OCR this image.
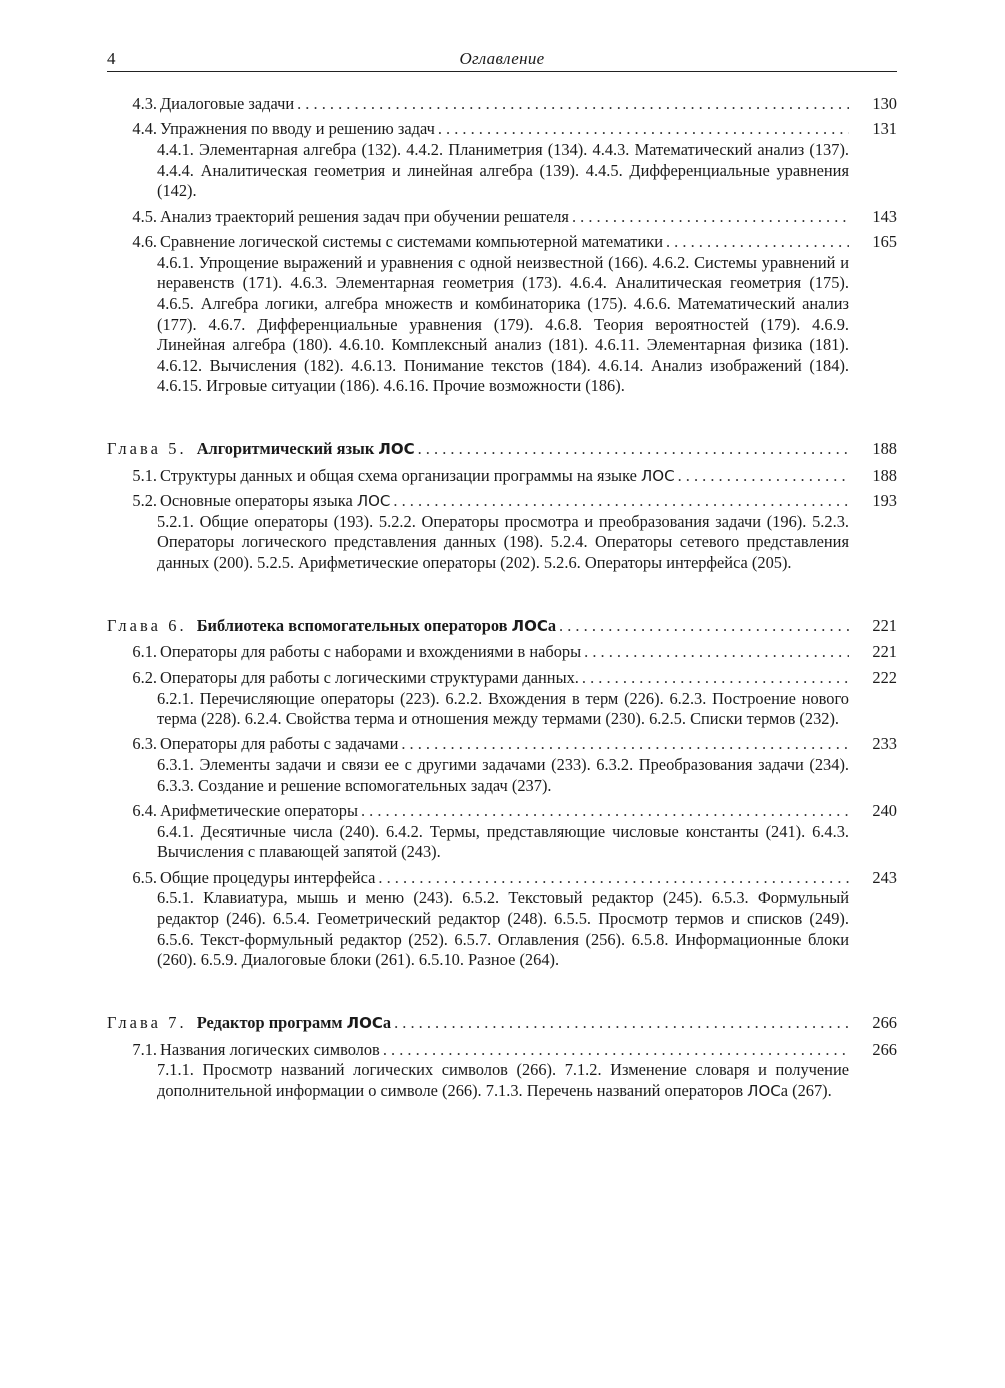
4	Оглавление
4.3. Диалоговые задачи . . .	130
4.4. Упражнения по вводу и решению задач . . .	131
4.4.1. Элементарная алгебра (132). 4.4.2. Планиметрия (134). 4.4.3. Математический анализ (137). 4.4.4. Аналитическая геометрия и линейная алгебра (139). 4.4.5. Дифференциальные уравнения (142).
4.5. Анализ траекторий решения задач при обучении решателя . . .	143
4.6. Сравнение логической системы с системами компьютерной математики . . .	165
4.6.1. Упрощение выражений и уравнения с одной неизвестной (166). 4.6.2. Системы уравнений и неравенств (171). 4.6.3. Элементарная геометрия (173). 4.6.4. Аналитическая геометрия (175). 4.6.5. Алгебра логики, алгебра множеств и комбинаторика (175). 4.6.6. Математический анализ (177). 4.6.7. Дифференциальные уравнения (179). 4.6.8. Теория вероятностей (179). 4.6.9. Линейная алгебра (180). 4.6.10. Комплексный анализ (181). 4.6.11. Элементарная физика (181). 4.6.12. Вычисления (182). 4.6.13. Понимание текстов (184). 4.6.14. Анализ изображений (184). 4.6.15. Игровые ситуации (186). 4.6.16. Прочие возможности (186).
Глава 5. Алгоритмический язык ЛОС . . .	188
5.1. Структуры данных и общая схема организации программы на языке ЛОС . . .	188
5.2. Основные операторы языка ЛОС . . .	193
5.2.1. Общие операторы (193). 5.2.2. Операторы просмотра и преобразования задачи (196). 5.2.3. Операторы логического представления данных (198). 5.2.4. Операторы сетевого представления данных (200). 5.2.5. Арифметические операторы (202). 5.2.6. Операторы интерфейса (205).
Глава 6. Библиотека вспомогательных операторов ЛОСа . . .	221
6.1. Операторы для работы с наборами и вхождениями в наборы . . .	221
6.2. Операторы для работы с логическими структурами данных. . . .	222
6.2.1. Перечисляющие операторы (223). 6.2.2. Вхождения в терм (226). 6.2.3. Построение нового терма (228). 6.2.4. Свойства терма и отношения между термами (230). 6.2.5. Списки термов (232).
6.3. Операторы для работы с задачами . . .	233
6.3.1. Элементы задачи и связи ее с другими задачами (233). 6.3.2. Преобразования задачи (234). 6.3.3. Создание и решение вспомогательных задач (237).
6.4. Арифметические операторы . . .	240
6.4.1. Десятичные числа (240). 6.4.2. Термы, представляющие числовые константы (241). 6.4.3. Вычисления с плавающей запятой (243).
6.5. Общие процедуры интерфейса . . .	243
6.5.1. Клавиатура, мышь и меню (243). 6.5.2. Текстовый редактор (245). 6.5.3. Формульный редактор (246). 6.5.4. Геометрический редактор (248). 6.5.5. Просмотр термов и списков (249). 6.5.6. Текст-формульный редактор (252). 6.5.7. Оглавления (256). 6.5.8. Информационные блоки (260). 6.5.9. Диалоговые блоки (261). 6.5.10. Разное (264).
Глава 7. Редактор программ ЛОСа . . .	266
7.1. Названия логических символов . . .	266
7.1.1. Просмотр названий логических символов (266). 7.1.2. Изменение словаря и получение дополнительной информации о символе (266). 7.1.3. Перечень названий операторов ЛОСа (267).
